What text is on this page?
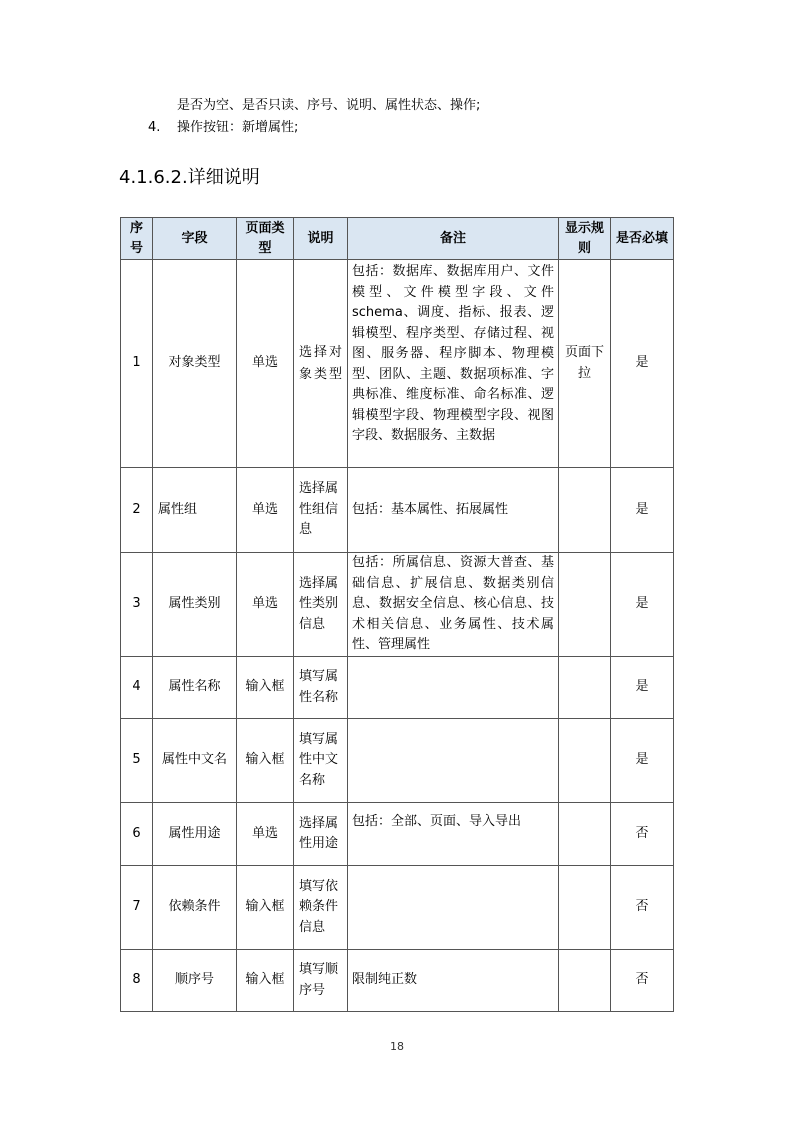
是否为空、是否只读、序号、说明、属性状态、操作;
4. 操作按钮：新增属性;
4.1.6.2.详细说明
序号	字段	页面类型	说明	备注	显示规则	是否必填
1	对象类型	单选	选择对象类型	包括：数据库、数据库用户、文件模型、文件模型字段、文件schema、调度、指标、报表、逻辑模型、程序类型、存储过程、视图、服务器、程序脚本、物理模型、团队、主题、数据项标准、字典标准、维度标准、命名标准、逻辑模型字段、物理模型字段、视图字段、数据服务、主数据	页面下拉	是
2	属性组	单选	选择属性组信息	包括：基本属性、拓展属性		是
3	属性类别	单选	选择属性类别信息	包括：所属信息、资源大普查、基础信息、扩展信息、数据类别信息、数据安全信息、核心信息、技术相关信息、业务属性、技术属性、管理属性		是
4	属性名称	输入框	填写属性名称			是
5	属性中文名	输入框	填写属性中文名称			是
6	属性用途	单选	选择属性用途	包括：全部、页面、导入导出		否
7	依赖条件	输入框	填写依赖条件信息			否
8	顺序号	输入框	填写顺序号	限制纯正数		否
18
